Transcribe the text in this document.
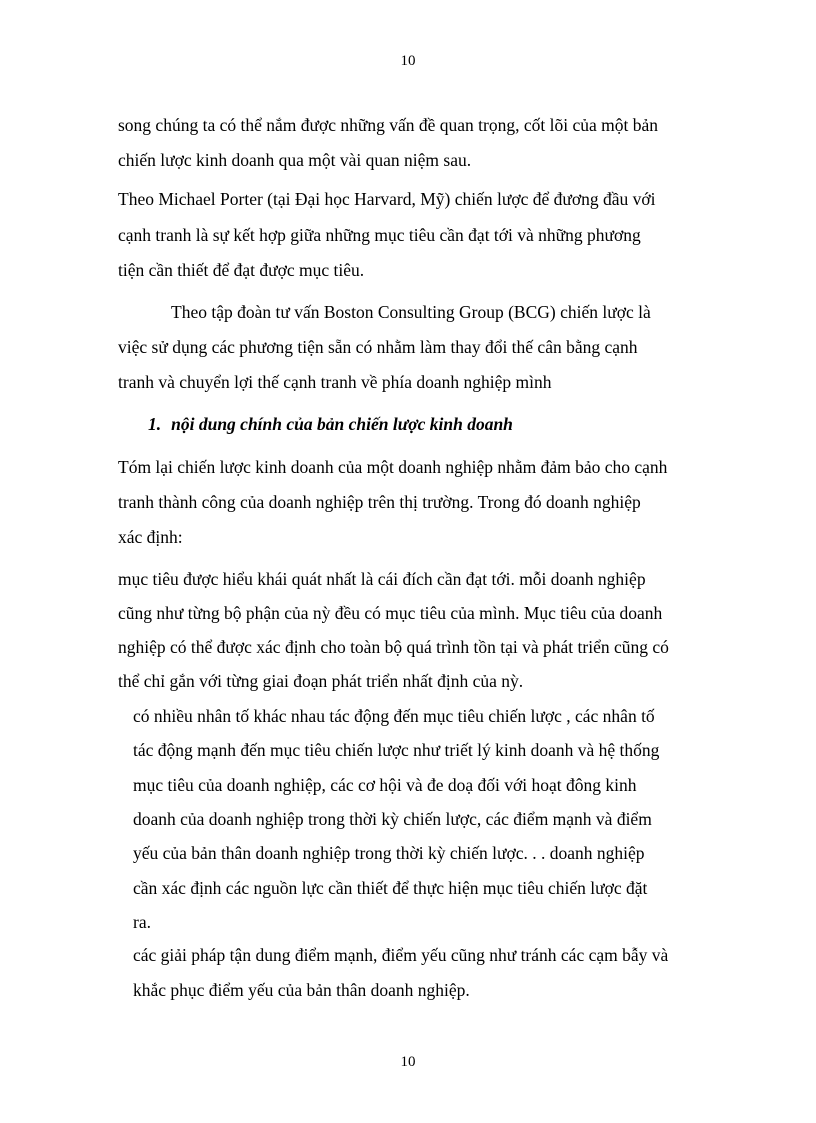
10
song chúng ta có thể nắm được những vấn đề quan trọng, cốt lõi của một bản
chiến lược kinh doanh qua một vài quan niệm sau.
Theo Michael Porter (tại Đại học Harvard, Mỹ) chiến lược để đương đầu với
cạnh tranh là sự kết hợp giữa những mục tiêu cần đạt tới và những phương
tiện cần thiết để đạt được mục tiêu.
Theo tập đoàn tư vấn Boston Consulting Group (BCG) chiến lược là
việc sử dụng các phương tiện sẵn có nhằm làm thay đổi thế cân bằng cạnh
tranh và chuyển lợi thế cạnh tranh về phía doanh nghiệp mình
1. nội dung chính của bản chiến lược kinh doanh
Tóm lại chiến lược kinh doanh của một doanh nghiệp nhằm đảm bảo cho cạnh
tranh thành công của doanh nghiệp trên thị trường. Trong đó doanh nghiệp
xác định:
mục tiêu được hiểu khái quát nhất là cái đích cần đạt tới. mỗi doanh nghiệp
cũng như từng bộ phận của nỳ đều có mục tiêu của mình. Mục tiêu của doanh
nghiệp có thể được xác định cho toàn bộ quá trình tồn tại và phát triển cũng có
thể chỉ gắn với từng giai đoạn phát triển nhất định của nỳ.
có nhiều nhân tố khác nhau tác động đến mục tiêu chiến lược , các nhân tố
tác động mạnh đến mục tiêu chiến lược như triết lý kinh doanh và hệ thống
mục tiêu của doanh nghiệp, các cơ hội và đe doạ đối với hoạt đông kinh
doanh của doanh nghiệp trong thời kỳ chiến lược, các điểm mạnh và điểm
yếu của bản thân doanh nghiệp trong thời kỳ chiến lược. . . doanh nghiệp
cần xác định các nguồn lực cần thiết để thực hiện mục tiêu chiến lược đặt
ra.
các giải pháp tận dung điểm mạnh, điểm yếu cũng như tránh các cạm bẫy và
khắc phục điểm yếu của bản thân doanh nghiệp.
10
